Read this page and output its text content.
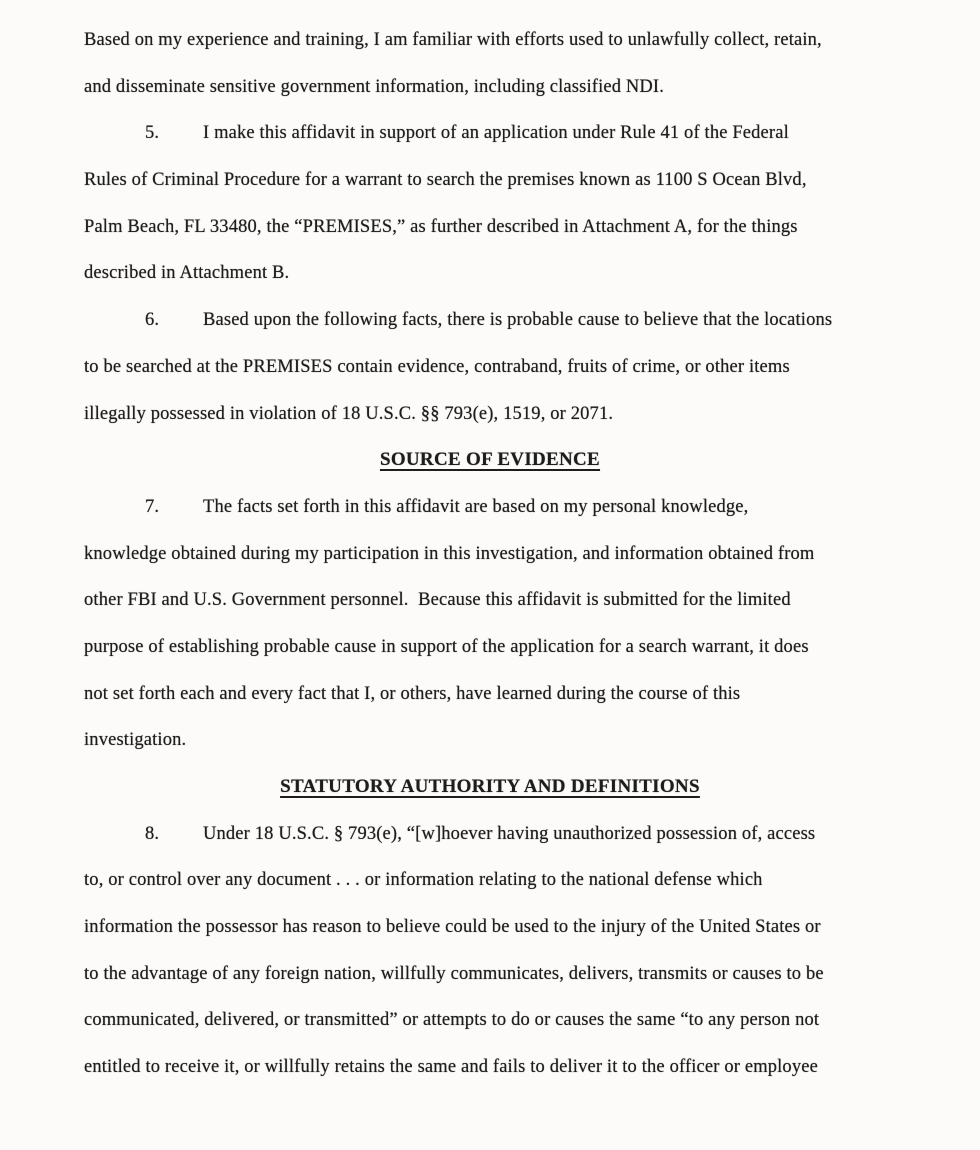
Based on my experience and training, I am familiar with efforts used to unlawfully collect, retain,
and disseminate sensitive government information, including classified NDI.
5. I make this affidavit in support of an application under Rule 41 of the Federal
Rules of Criminal Procedure for a warrant to search the premises known as 1100 S Ocean Blvd,
Palm Beach, FL 33480, the “PREMISES,” as further described in Attachment A, for the things
described in Attachment B.
6. Based upon the following facts, there is probable cause to believe that the locations
to be searched at the PREMISES contain evidence, contraband, fruits of crime, or other items
illegally possessed in violation of 18 U.S.C. §§ 793(e), 1519, or 2071.
SOURCE OF EVIDENCE
7. The facts set forth in this affidavit are based on my personal knowledge,
knowledge obtained during my participation in this investigation, and information obtained from
other FBI and U.S. Government personnel.  Because this affidavit is submitted for the limited
purpose of establishing probable cause in support of the application for a search warrant, it does
not set forth each and every fact that I, or others, have learned during the course of this
investigation.
STATUTORY AUTHORITY AND DEFINITIONS
8. Under 18 U.S.C. § 793(e), “[w]hoever having unauthorized possession of, access
to, or control over any document . . . or information relating to the national defense which
information the possessor has reason to believe could be used to the injury of the United States or
to the advantage of any foreign nation, willfully communicates, delivers, transmits or causes to be
communicated, delivered, or transmitted” or attempts to do or causes the same “to any person not
entitled to receive it, or willfully retains the same and fails to deliver it to the officer or employee
